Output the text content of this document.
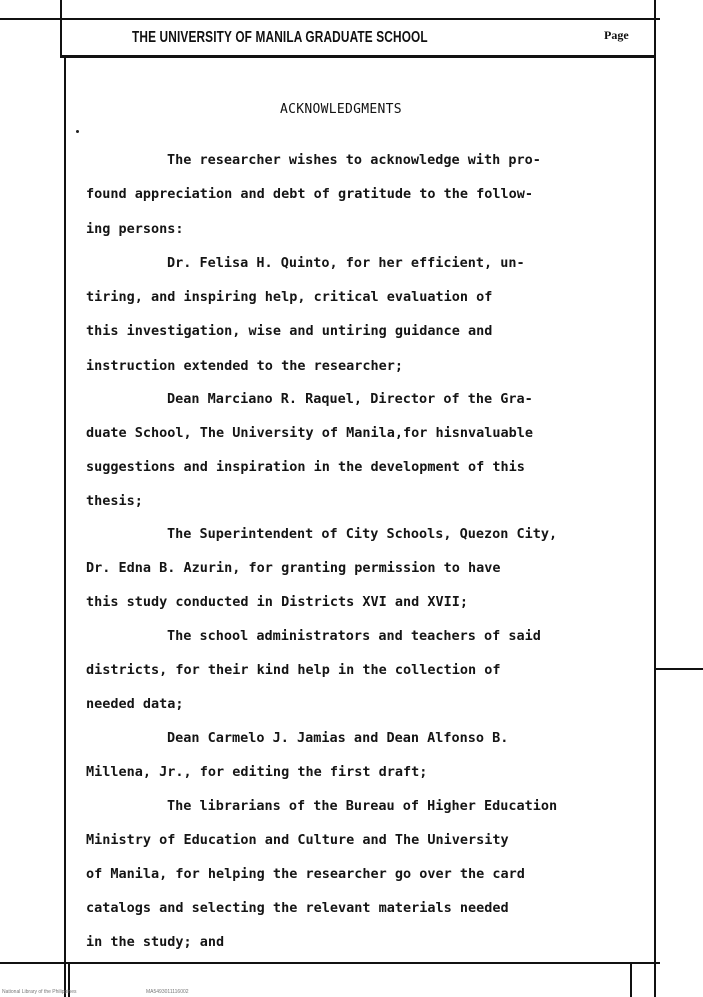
THE UNIVERSITY OF MANILA GRADUATE SCHOOL	Page
ACKNOWLEDGMENTS
The researcher wishes to acknowledge with pro-
found appreciation and debt of gratitude to the follow-
ing persons:
Dr. Felisa H. Quinto, for her efficient, un-
tiring, and inspiring help, critical evaluation of
this investigation, wise and untiring guidance and
instruction extended to the researcher;
Dean Marciano R. Raquel, Director of the Gra-
duate School, The University of Manila,for hisnvaluable
suggestions and inspiration in the development of this
thesis;
The Superintendent of City Schools, Quezon City,
Dr. Edna B. Azurin, for granting permission to have
this study conducted in Districts XVI and XVII;
The school administrators and teachers of said
districts, for their kind help in the collection of
needed data;
Dean Carmelo J. Jamias and Dean Alfonso B.
Millena, Jr., for editing the first draft;
The librarians of the Bureau of Higher Education
Ministry of Education and Culture and The University
of Manila, for helping the researcher go over the card
catalogs and selecting the relevant materials needed
in the study; and
National Library of the Philippines	MA5493011116002
